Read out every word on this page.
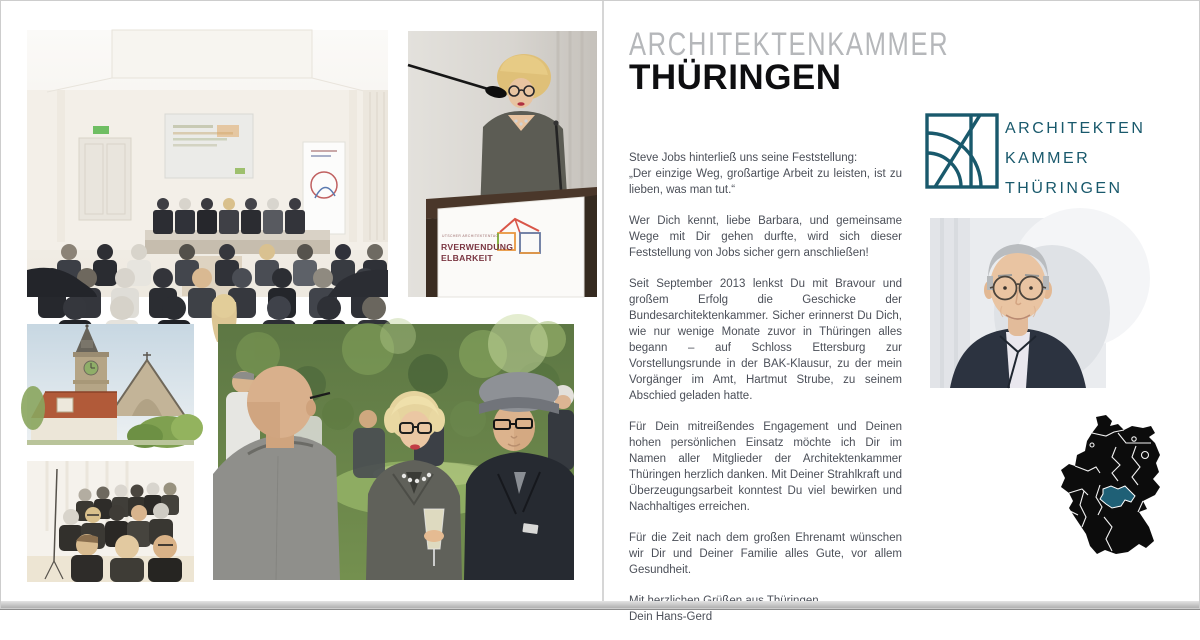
UTSCHER ARCHITEKTENTAG
RVERWENDUNG
ELBARKEIT
ARCHITEKTENKAMMER
THÜRINGEN

Steve Jobs hinterließ uns seine Feststellung:
„Der einzige Weg, großartige Arbeit zu leisten, ist zu lieben, was man tut.“

Wer Dich kennt, liebe Barbara, und gemeinsame Wege mit Dir gehen durfte, wird sich dieser Feststellung von Jobs sicher gern anschließen!

Seit September 2013 lenkst Du mit Bravour und großem Erfolg die Geschicke der Bundesarchitektenkammer. Sicher erinnerst Du Dich, wie nur wenige Monate zuvor in Thüringen alles begann – auf Schloss Ettersburg zur Vorstellungsrunde in der BAK-Klausur, zu der mein Vorgänger im Amt, Hartmut Strube, zu seinem Abschied geladen hatte.

Für Dein mitreißendes Engagement und Deinen hohen persönlichen Einsatz möchte ich Dir im Namen aller Mitglieder der Architektenkammer Thüringen herzlich danken. Mit Deiner Strahlkraft und Überzeugungsarbeit konntest Du viel bewirken und Nachhaltiges erreichen.

Für die Zeit nach dem großen Ehrenamt wünschen wir Dir und Deiner Familie alles Gute, vor allem Gesundheit.

Dein Hans-Gerd

ARCHITEKTEN
KAMMER
THÜRINGEN
